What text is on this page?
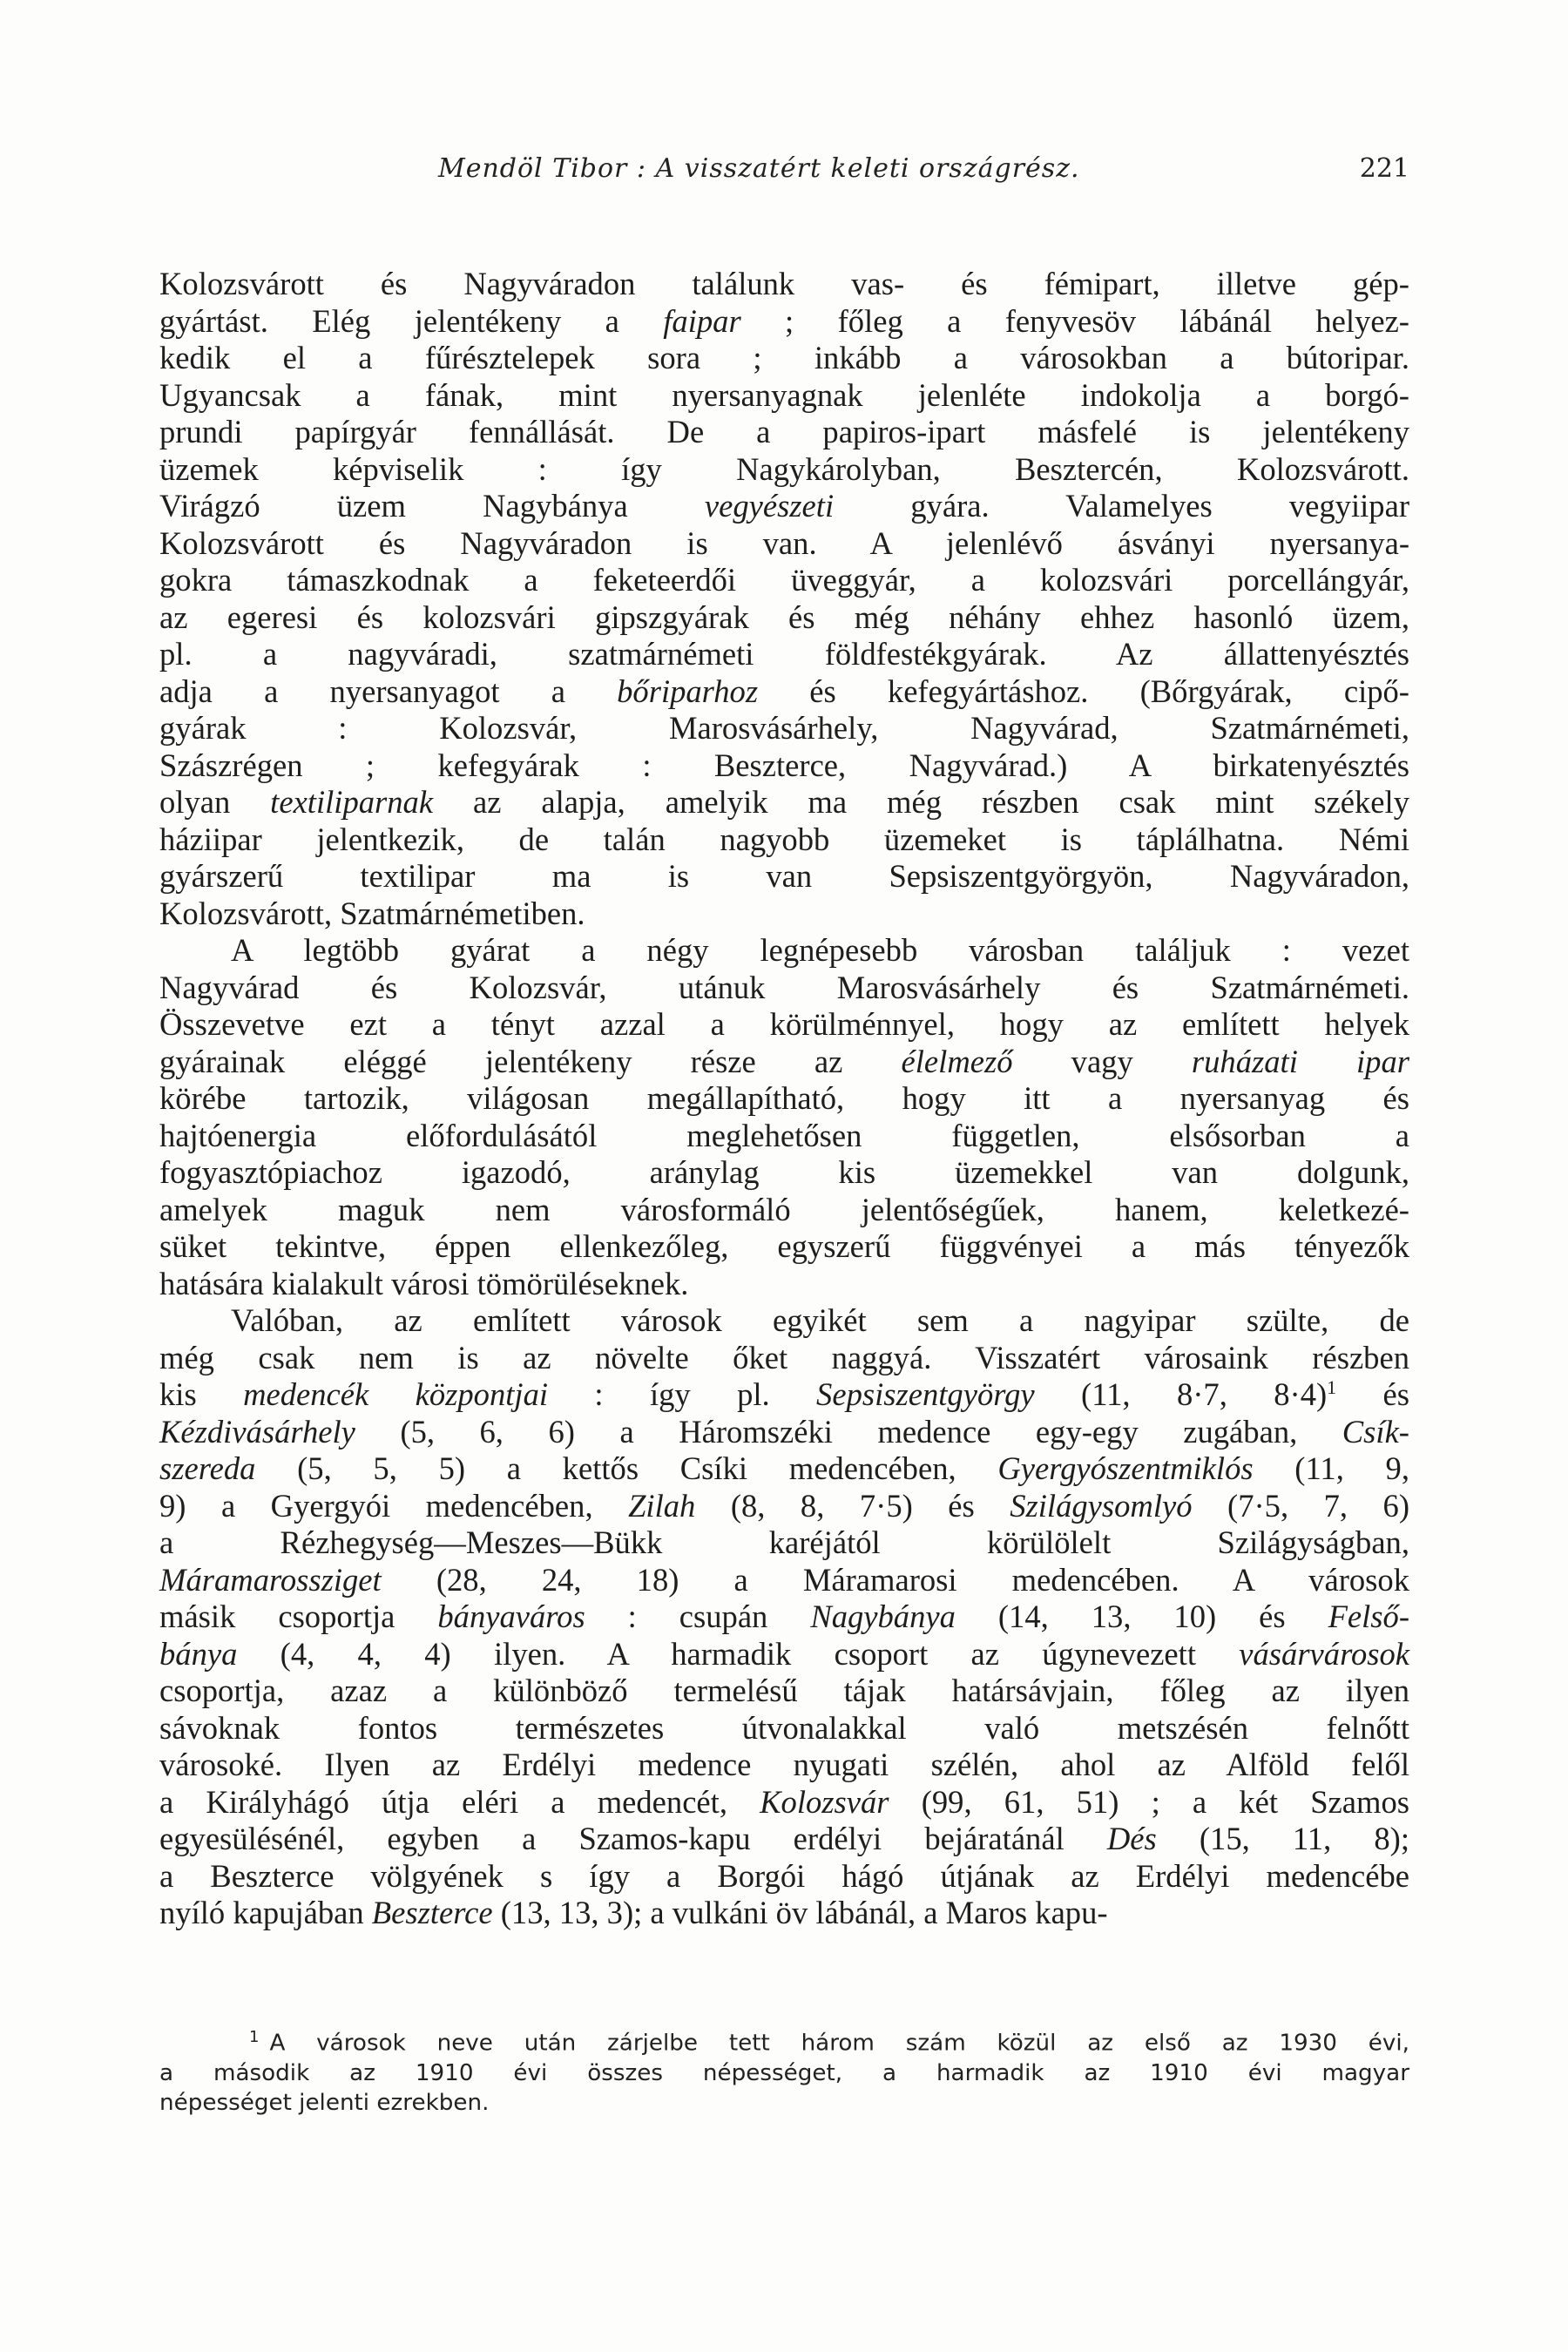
Mendöl Tibor : A visszatért keleti országrész.	221

Kolozsvárott és Nagyváradon találunk vas- és fémipart, illetve gép-
gyártást. Elég jelentékeny a faipar ; főleg a fenyvesöv lábánál helyez-
kedik el a fűrésztelepek sora ; inkább a városokban a bútoripar.
Ugyancsak a fának, mint nyersanyagnak jelenléte indokolja a borgó-
prundi papírgyár fennállását. De a papiros-ipart másfelé is jelentékeny
üzemek képviselik : így Nagykárolyban, Besztercén, Kolozsvárott.
Virágzó üzem Nagybánya vegyészeti gyára. Valamelyes vegyiipar
Kolozsvárott és Nagyváradon is van. A jelenlévő ásványi nyersanya-
gokra támaszkodnak a feketeerdői üveggyár, a kolozsvári porcellángyár,
az egeresi és kolozsvári gipszgyárak és még néhány ehhez hasonló üzem,
pl. a nagyváradi, szatmárnémeti földfestékgyárak. Az állattenyésztés
adja a nyersanyagot a bőriparhoz és kefegyártáshoz. (Bőrgyárak, cipő-
gyárak : Kolozsvár, Marosvásárhely, Nagyvárad, Szatmárnémeti,
Szászrégen ; kefegyárak : Beszterce, Nagyvárad.) A birkatenyésztés
olyan textiliparnak az alapja, amelyik ma még részben csak mint székely
háziipar jelentkezik, de talán nagyobb üzemeket is táplálhatna. Némi
gyárszerű textilipar ma is van Sepsiszentgyörgyön, Nagyváradon,
Kolozsvárott, Szatmárnémetiben.

A legtöbb gyárat a négy legnépesebb városban találjuk : vezet
Nagyvárad és Kolozsvár, utánuk Marosvásárhely és Szatmárnémeti.
Összevetve ezt a tényt azzal a körülménnyel, hogy az említett helyek
gyárainak eléggé jelentékeny része az élelmező vagy ruházati ipar
körébe tartozik, világosan megállapítható, hogy itt a nyersanyag és
hajtóenergia előfordulásától meglehetősen független, elsősorban a
fogyasztópiachoz igazodó, aránylag kis üzemekkel van dolgunk,
amelyek maguk nem városformáló jelentőségűek, hanem, keletkezé-
süket tekintve, éppen ellenkezőleg, egyszerű függvényei a más tényezők
hatására kialakult városi tömörüléseknek.

Valóban, az említett városok egyikét sem a nagyipar szülte, de
még csak nem is az növelte őket naggyá. Visszatért városaink részben
kis medencék központjai : így pl. Sepsiszentgyörgy (11, 8·7, 8·4)$^1$ és
Kézdivásárhely (5, 6, 6) a Háromszéki medence egy-egy zugában, Csík-
szereda (5, 5, 5) a kettős Csíki medencében, Gyergyószentmiklós (11, 9,
9) a Gyergyói medencében, Zilah (8, 8, 7·5) és Szilágysomlyó (7·5, 7, 6)
a Rézhegység—Meszes—Bükk karéjától körülölelt Szilágyságban,
Máramarossziget (28, 24, 18) a Máramarosi medencében. A városok
másik csoportja bányaváros : csupán Nagybánya (14, 13, 10) és Felső-
bánya (4, 4, 4) ilyen. A harmadik csoport az úgynevezett vásárvárosok
csoportja, azaz a különböző termelésű tájak határsávjain, főleg az ilyen
sávoknak fontos természetes útvonalakkal való metszésén felnőtt
városoké. Ilyen az Erdélyi medence nyugati szélén, ahol az Alföld felől
a Királyhágó útja eléri a medencét, Kolozsvár (99, 61, 51) ; a két Szamos
egyesülésénél, egyben a Szamos-kapu erdélyi bejáratánál Dés (15, 11, 8);
a Beszterce völgyének s így a Borgói hágó útjának az Erdélyi medencébe
nyíló kapujában Beszterce (13, 13, 3); a vulkáni öv lábánál, a Maros kapu-

$^1$ A városok neve után zárjelbe tett három szám közül az első az 1930 évi,
a második az 1910 évi összes népességet, a harmadik az 1910 évi magyar
népességet jelenti ezrekben.
